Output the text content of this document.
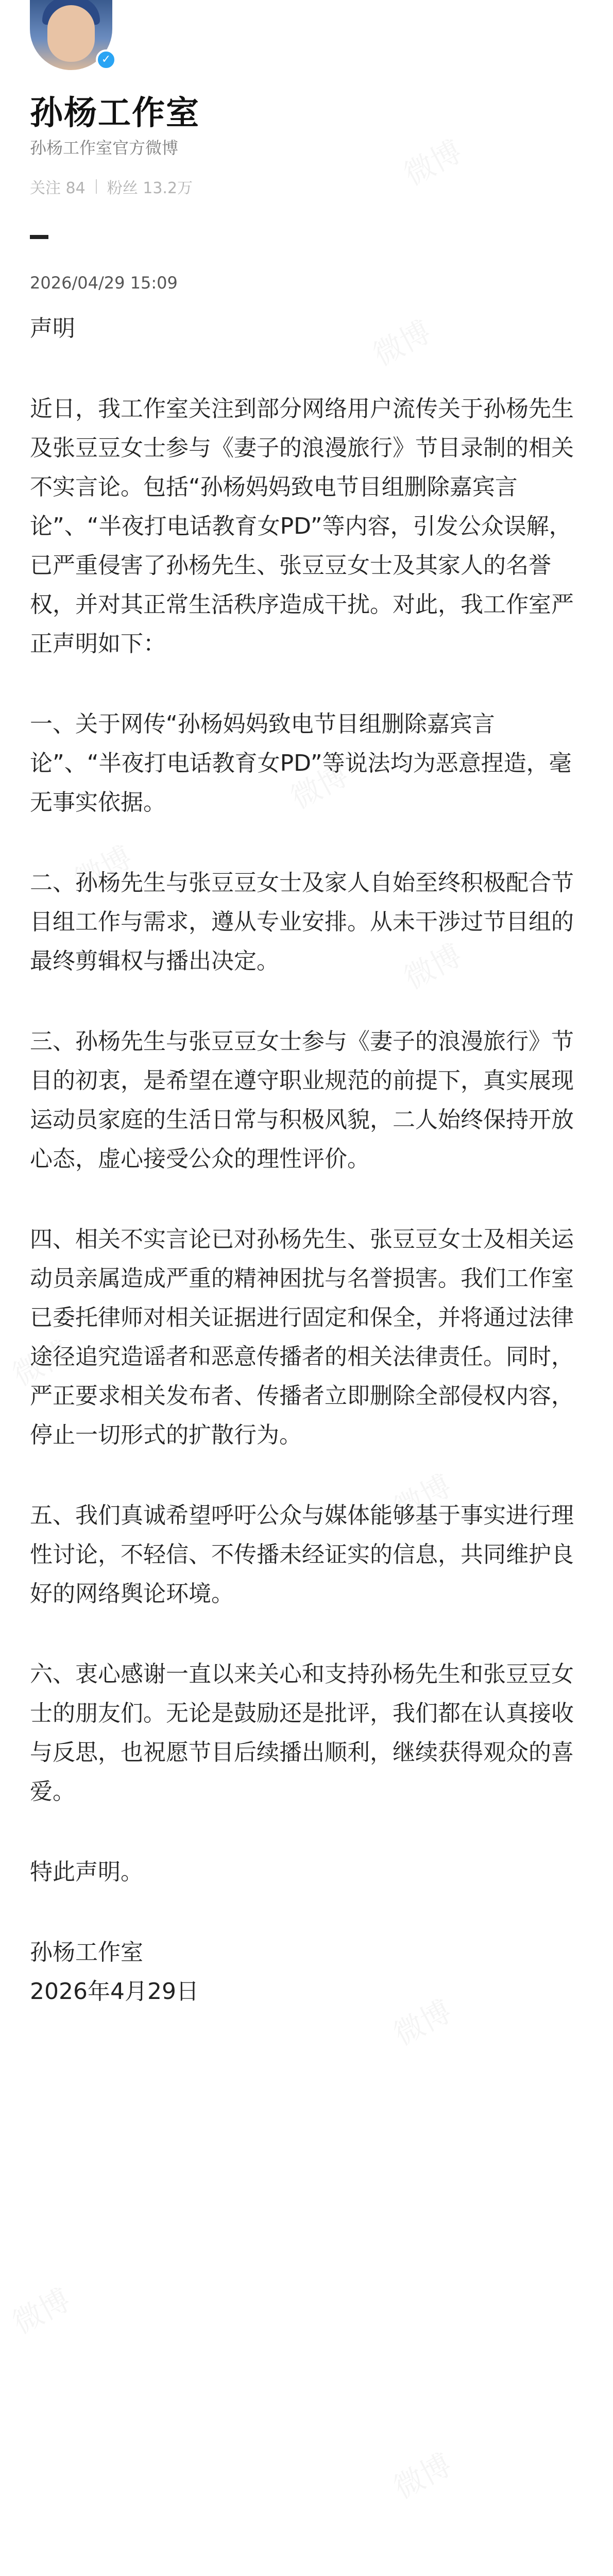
✓
孙杨工作室
孙杨工作室官方微博
关注 84 粉丝 13.2万
2026/04/29 15:09

声明

近日，我工作室关注到部分网络用户流传关于孙杨先生及张豆豆女士参与《妻子的浪漫旅行》节目录制的相关不实言论。包括“孙杨妈妈致电节目组删除嘉宾言论”、“半夜打电话教育女PD”等内容，引发公众误解，已严重侵害了孙杨先生、张豆豆女士及其家人的名誉权，并对其正常生活秩序造成干扰。对此，我工作室严正声明如下：

一、关于网传“孙杨妈妈致电节目组删除嘉宾言论”、“半夜打电话教育女PD”等说法均为恶意捏造，毫无事实依据。

二、孙杨先生与张豆豆女士及家人自始至终积极配合节目组工作与需求，遵从专业安排。从未干涉过节目组的最终剪辑权与播出决定。

三、孙杨先生与张豆豆女士参与《妻子的浪漫旅行》节目的初衷，是希望在遵守职业规范的前提下，真实展现运动员家庭的生活日常与积极风貌，二人始终保持开放心态，虚心接受公众的理性评价。

四、相关不实言论已对孙杨先生、张豆豆女士及相关运动员亲属造成严重的精神困扰与名誉损害。我们工作室已委托律师对相关证据进行固定和保全，并将通过法律途径追究造谣者和恶意传播者的相关法律责任。同时，严正要求相关发布者、传播者立即删除全部侵权内容，停止一切形式的扩散行为。

五、我们真诚希望呼吁公众与媒体能够基于事实进行理性讨论，不轻信、不传播未经证实的信息，共同维护良好的网络舆论环境。

六、衷心感谢一直以来关心和支持孙杨先生和张豆豆女士的朋友们。无论是鼓励还是批评，我们都在认真接收与反思，也祝愿节目后续播出顺利，继续获得观众的喜爱。

特此声明。

孙杨工作室

2026年4月29日
